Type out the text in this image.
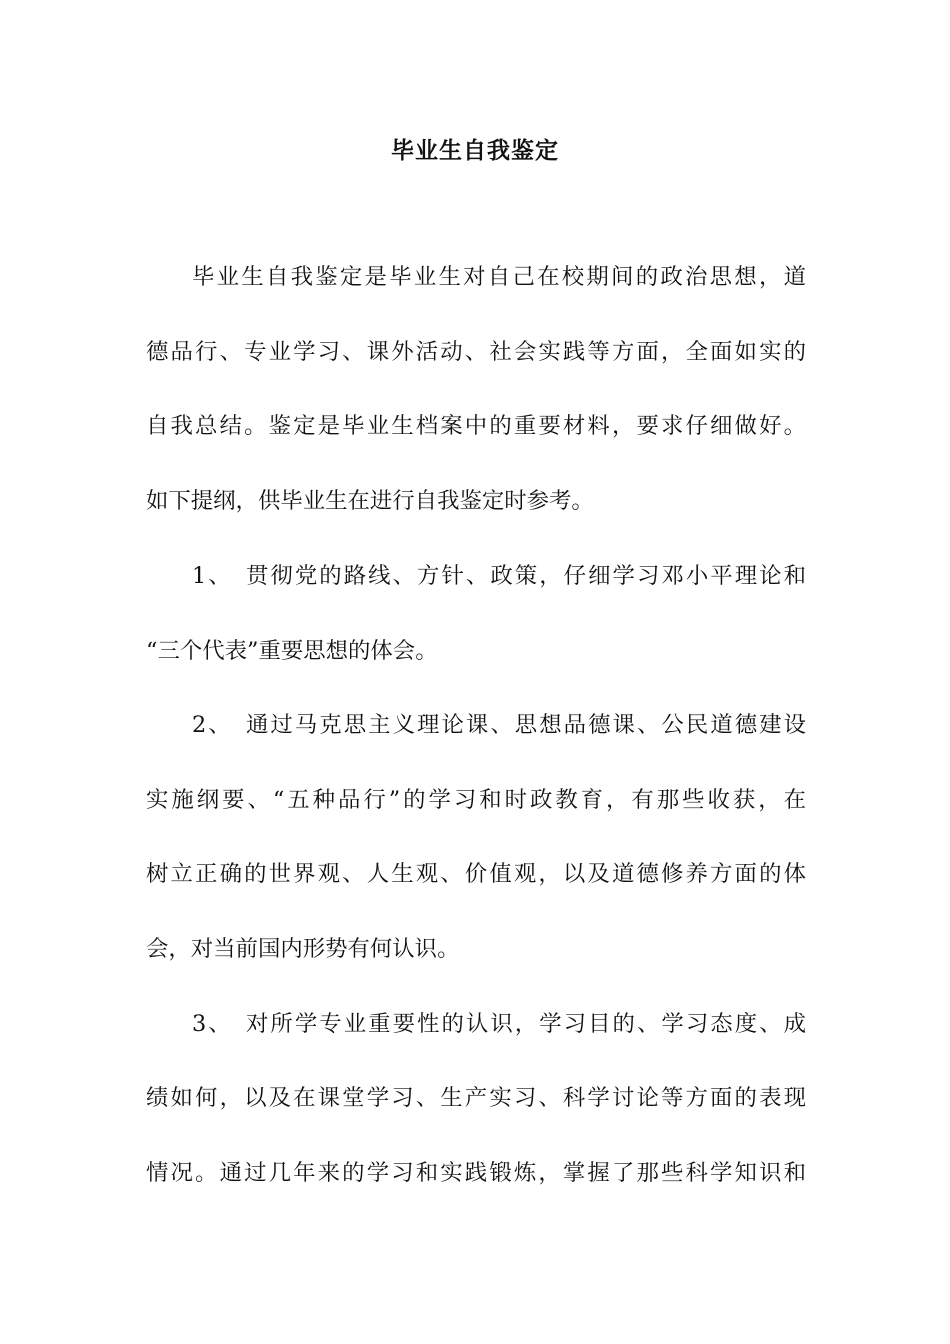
毕业生自我鉴定
毕业生自我鉴定是毕业生对自己在校期间的政治思想，道
德品行、专业学习、课外活动、社会实践等方面，全面如实的
自我总结。鉴定是毕业生档案中的重要材料，要求仔细做好。
如下提纲，供毕业生在进行自我鉴定时参考。
1、　贯彻党的路线、方针、政策，仔细学习邓小平理论和
“三个代表”重要思想的体会。
2、　通过马克思主义理论课、思想品德课、公民道德建设
实施纲要、“五种品行”的学习和时政教育，有那些收获，在
树立正确的世界观、人生观、价值观，以及道德修养方面的体
会，对当前国内形势有何认识。
3、　对所学专业重要性的认识，学习目的、学习态度、成
绩如何，以及在课堂学习、生产实习、科学讨论等方面的表现
情况。通过几年来的学习和实践锻炼，掌握了那些科学知识和
